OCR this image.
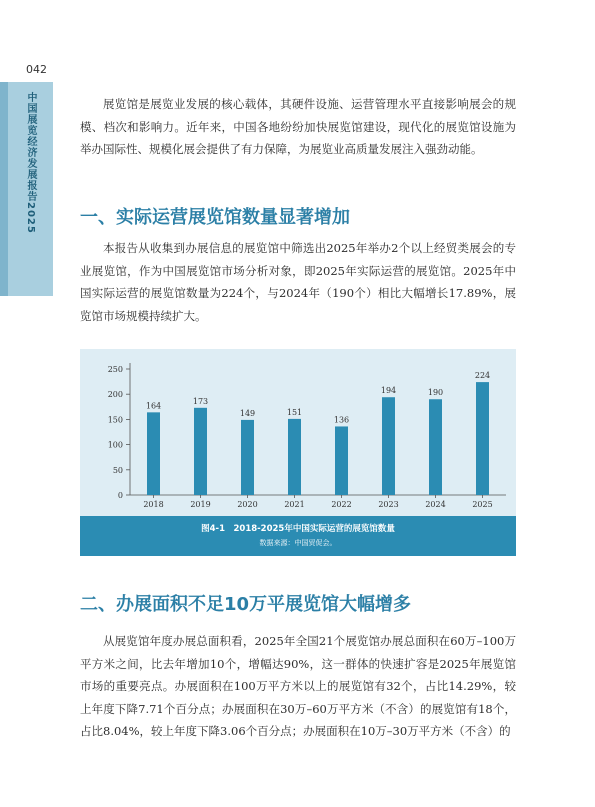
042
中国展览经济发展报告2025	展览馆是展览业发展的核心载体，其硬件设施、运营管理水平直接影响展会的规模、档次和影响力。近年来，中国各地纷纷加快展览馆建设，现代化的展览馆设施为举办国际性、规模化展会提供了有力保障，为展览业高质量发展注入强劲动能。

一、实际运营展览馆数量显著增加

本报告从收集到办展信息的展览馆中筛选出2025年举办2个以上经贸类展会的专业展览馆，作为中国展览馆市场分析对象，即2025年实际运营的展览馆。2025年中国实际运营的展览馆数量为224个，与2024年（190个）相比大幅增长17.89%，展览馆市场规模持续扩大。

0
50
100
150
200
250
164
2018
173
2019
149
2020
151
2021
136
2022
194
2023
190
2024
224
2025
图4-1　2018-2025年中国实际运营的展览馆数量
数据来源：中国贸促会。
二、办展面积不足10万平展览馆大幅增多

从展览馆年度办展总面积看，2025年全国21个展览馆办展总面积在60万–100万平方米之间，比去年增加10个，增幅达90%，这一群体的快速扩容是2025年展览馆市场的重要亮点。办展面积在100万平方米以上的展览馆有32个，占比14.29%，较上年度下降7.71个百分点；办展面积在30万–60万平方米（不含）的展览馆有18个，占比8.04%，较上年度下降3.06个百分点；办展面积在10万–30万平方米（不含）的
